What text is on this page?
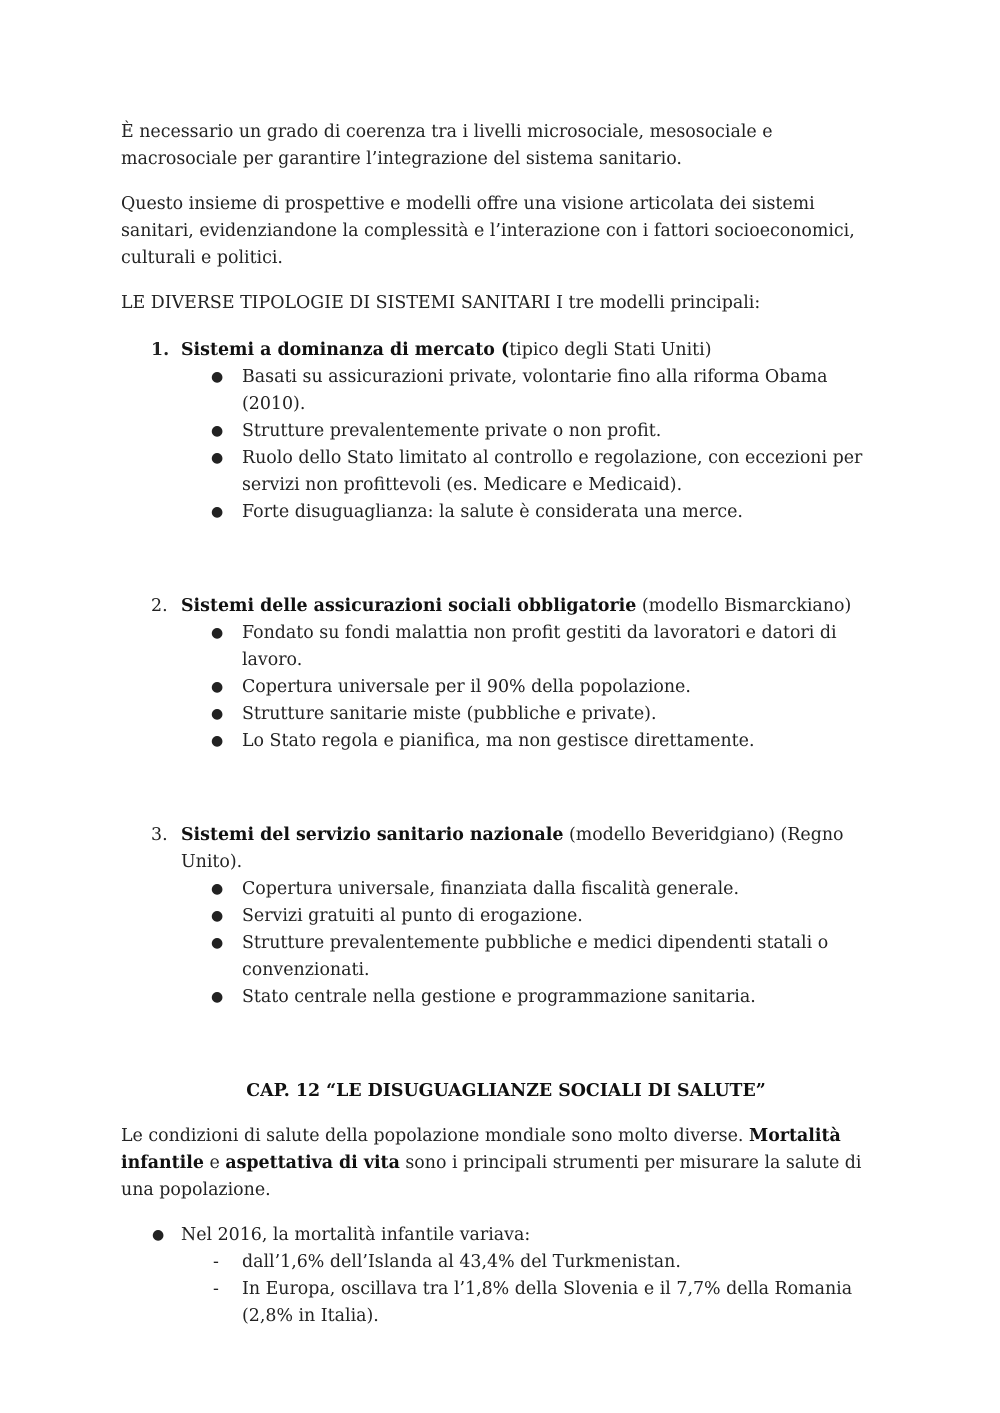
È necessario un grado di coerenza tra i livelli microsociale, mesosociale e macrosociale per garantire l’integrazione del sistema sanitario.

Questo insieme di prospettive e modelli offre una visione articolata dei sistemi sanitari, evidenziandone la complessità e l’interazione con i fattori socioeconomici, culturali e politici.

LE DIVERSE TIPOLOGIE DI SISTEMI SANITARI I tre modelli principali:

1. Sistemi a dominanza di mercato (tipico degli Stati Uniti)
● Basati su assicurazioni private, volontarie fino alla riforma Obama (2010).
● Strutture prevalentemente private o non profit.
● Ruolo dello Stato limitato al controllo e regolazione, con eccezioni per servizi non profittevoli (es. Medicare e Medicaid).
● Forte disuguaglianza: la salute è considerata una merce.
2. Sistemi delle assicurazioni sociali obbligatorie (modello Bismarckiano)
● Fondato su fondi malattia non profit gestiti da lavoratori e datori di lavoro.
● Copertura universale per il 90% della popolazione.
● Strutture sanitarie miste (pubbliche e private).
● Lo Stato regola e pianifica, ma non gestisce direttamente.
3. Sistemi del servizio sanitario nazionale (modello Beveridgiano) (Regno Unito).
● Copertura universale, finanziata dalla fiscalità generale.
● Servizi gratuiti al punto di erogazione.
● Strutture prevalentemente pubbliche e medici dipendenti statali o convenzionati.
● Stato centrale nella gestione e programmazione sanitaria.
CAP. 12 “LE DISUGUAGLIANZE SOCIALI DI SALUTE”

Le condizioni di salute della popolazione mondiale sono molto diverse. Mortalità infantile e aspettativa di vita sono i principali strumenti per misurare la salute di una popolazione.

● Nel 2016, la mortalità infantile variava:
- dall’1,6% dell’Islanda al 43,4% del Turkmenistan.
- In Europa, oscillava tra l’1,8% della Slovenia e il 7,7% della Romania (2,8% in Italia).
